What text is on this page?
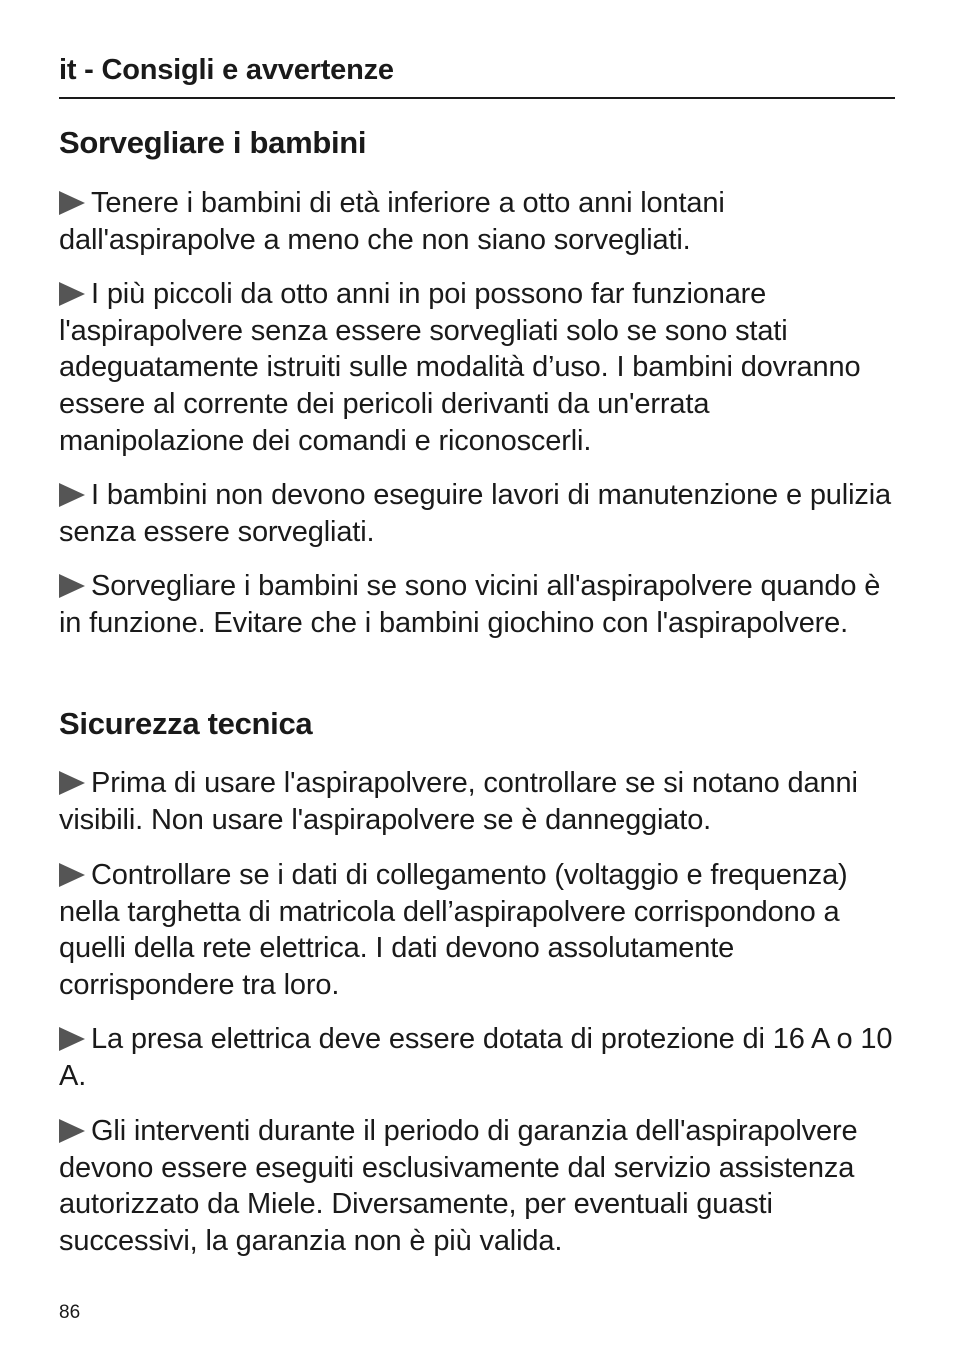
it - Consigli e avvertenze
Sorvegliare i bambini
Tenere i bambini di età inferiore a otto anni lontani dall'aspirapolve a meno che non siano sorvegliati.
I più piccoli da otto anni in poi possono far funzionare l'aspirapolvere senza essere sorvegliati solo se sono stati adeguatamente istruiti sulle modalità d’uso. I bambini dovranno essere al corrente dei pericoli derivanti da un'errata manipolazione dei comandi e riconoscerli.
I bambini non devono eseguire lavori di manutenzione e pulizia senza essere sorvegliati.
Sorvegliare i bambini se sono vicini all'aspirapolvere quando è in funzione. Evitare che i bambini giochino con l'aspirapolvere.
Sicurezza tecnica
Prima di usare l'aspirapolvere, controllare se si notano danni visibili. Non usare l'aspirapolvere se è danneggiato.
Controllare se i dati di collegamento (voltaggio e frequenza) nella targhetta di matricola dell’aspirapolvere corrispondono a quelli della rete elettrica. I dati devono assolutamente corrispondere tra loro.
La presa elettrica deve essere dotata di protezione di 16 A o 10 A.
Gli interventi durante il periodo di garanzia dell'aspirapolvere devono essere eseguiti esclusivamente dal servizio assistenza autorizzato da Miele. Diversamente, per eventuali guasti successivi, la garanzia non è più valida.
86
